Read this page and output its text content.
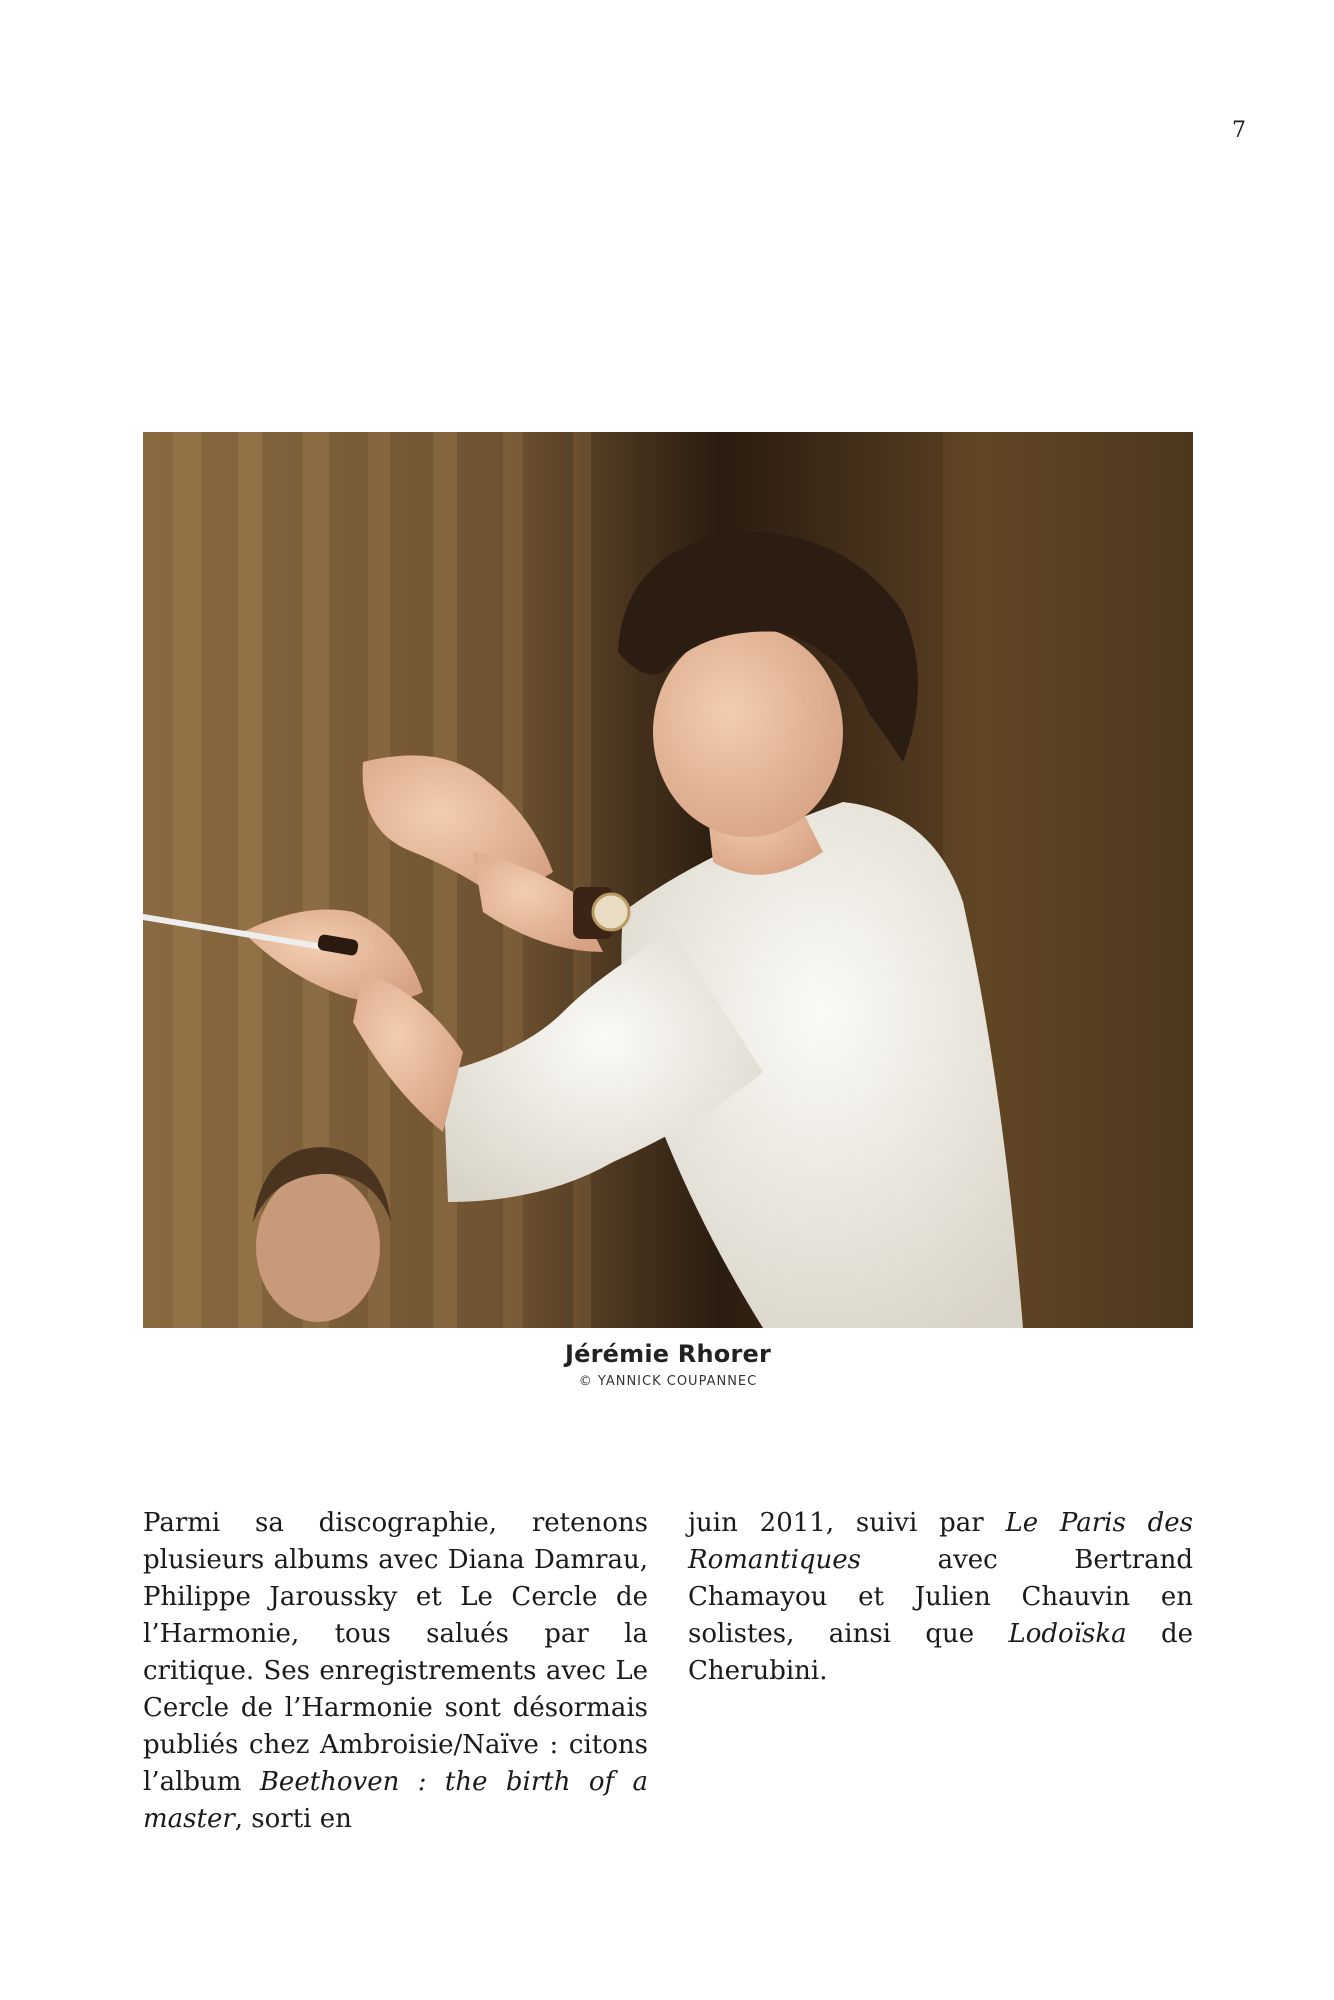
7
Jérémie Rhorer
© YANNICK COUPANNEC
Parmi sa discographie, retenons plusieurs albums avec Diana Damrau, Philippe Jaroussky et Le Cercle de l’Harmonie, tous salués par la critique. Ses enregistrements avec Le Cercle de l’Harmonie sont désormais publiés chez Ambroisie/Naïve : citons l’album Beethoven : the birth of a master, sorti en
juin 2011, suivi par Le Paris des Romantiques avec Bertrand Chamayou et Julien Chauvin en solistes, ainsi que Lodoïska de Cherubini.
